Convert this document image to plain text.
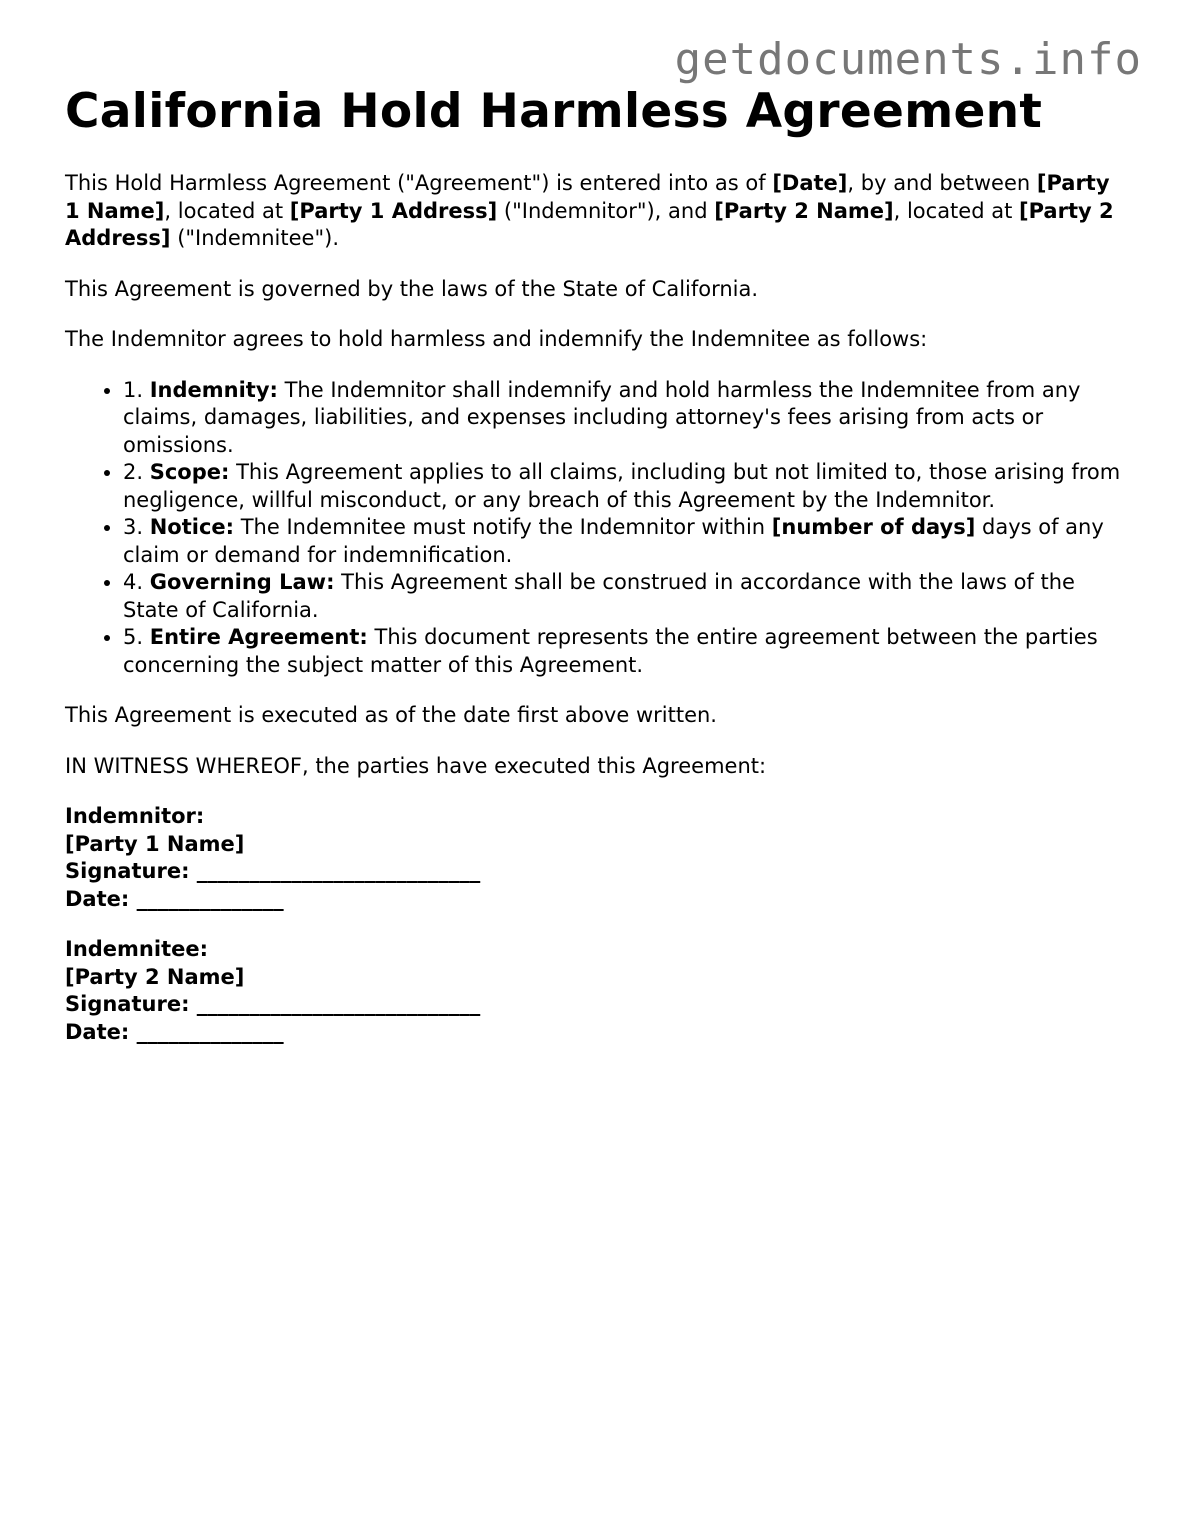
getdocuments.info
California Hold Harmless Agreement

This Hold Harmless Agreement ("Agreement") is entered into as of [Date], by and between [Party 1 Name], located at [Party 1 Address] ("Indemnitor"), and [Party 2 Name], located at [Party 2 Address] ("Indemnitee").

This Agreement is governed by the laws of the State of California.

The Indemnitor agrees to hold harmless and indemnify the Indemnitee as follows:

• 1. Indemnity: The Indemnitor shall indemnify and hold harmless the Indemnitee from any claims, damages, liabilities, and expenses including attorney's fees arising from acts or omissions.
• 2. Scope: This Agreement applies to all claims, including but not limited to, those arising from negligence, willful misconduct, or any breach of this Agreement by the Indemnitor.
• 3. Notice: The Indemnitee must notify the Indemnitor within [number of days] days of any claim or demand for indemnification.
• 4. Governing Law: This Agreement shall be construed in accordance with the laws of the State of California.
• 5. Entire Agreement: This document represents the entire agreement between the parties concerning the subject matter of this Agreement.

This Agreement is executed as of the date first above written.

IN WITNESS WHEREOF, the parties have executed this Agreement:

Indemnitor:
[Party 1 Name]
Signature: ___________________________
Date: ______________
Indemnitee:
[Party 2 Name]
Signature: ___________________________
Date: ______________
